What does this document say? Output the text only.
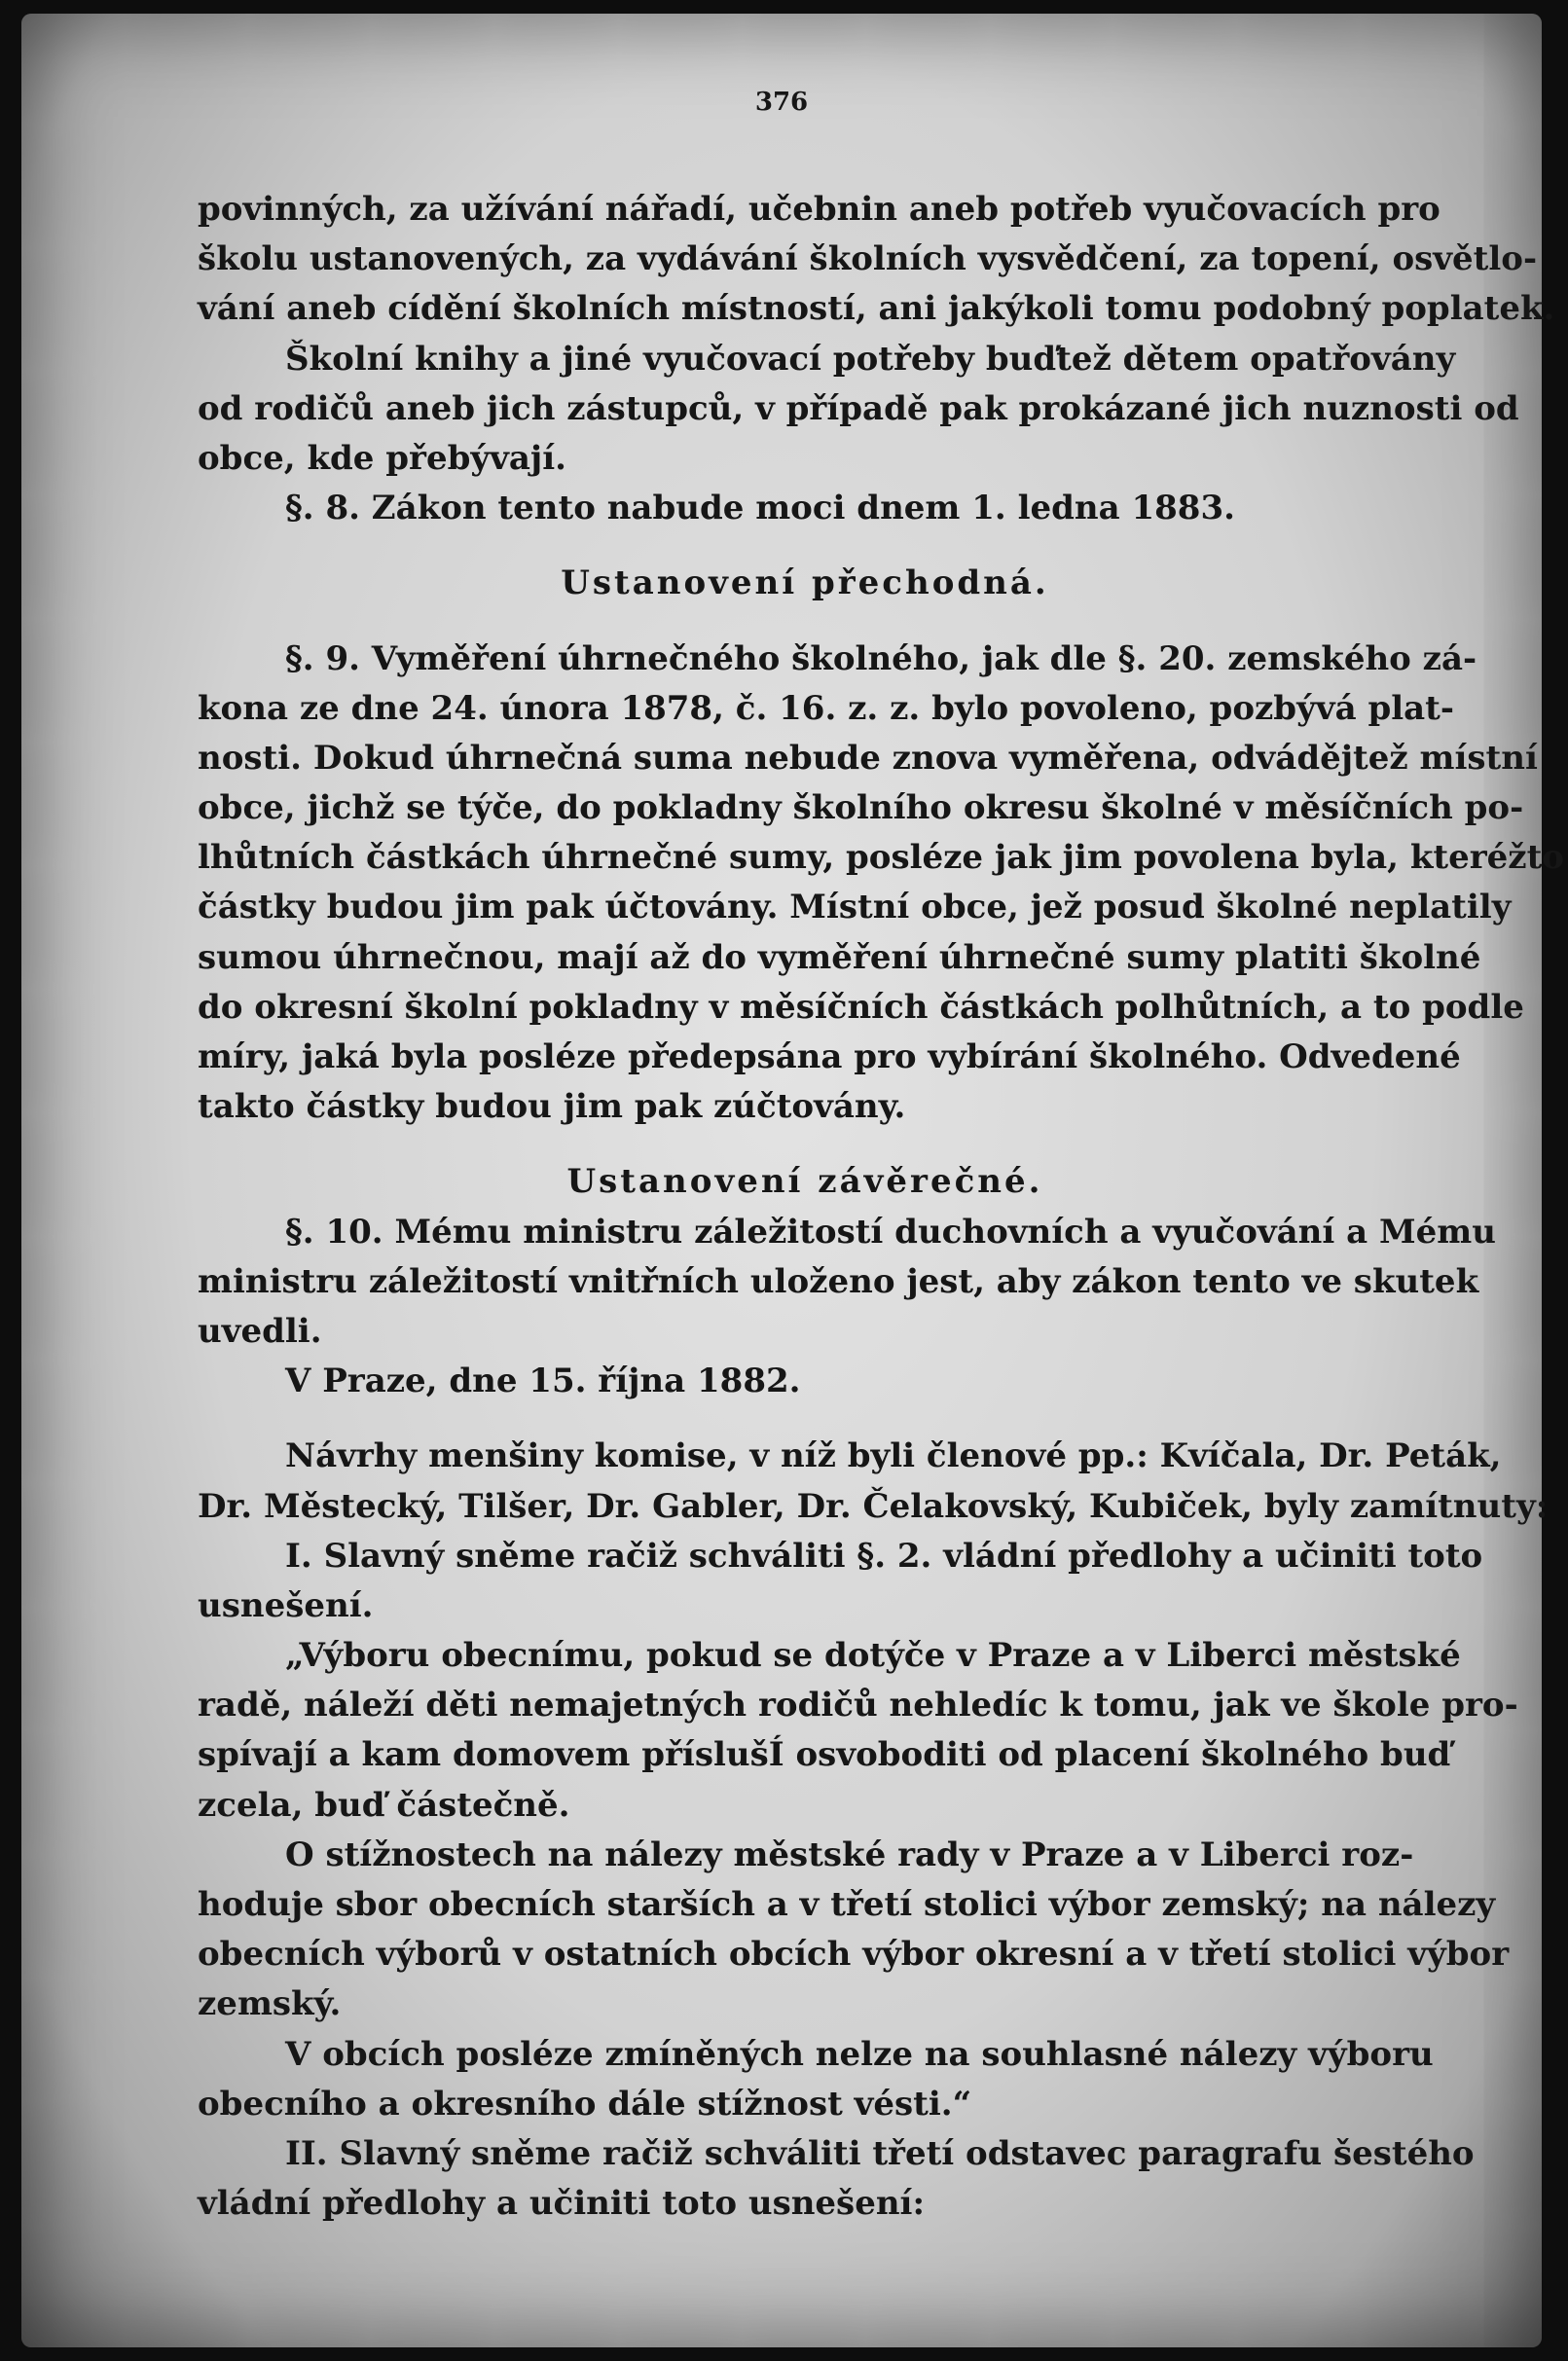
376
povinných, za užívání nářadí, učebnin aneb potřeb vyučovacích pro
školu ustanovených, za vydávání školních vysvědčení, za topení, osvětlo-
vání aneb cídění školních místností, ani jakýkoli tomu podobný poplatek.
Školní knihy a jiné vyučovací potřeby buďtež dětem opatřovány
od rodičů aneb jich zástupců, v případě pak prokázané jich nuznosti od
obce, kde přebývají.
§. 8. Zákon tento nabude moci dnem 1. ledna 1883.
Ustanovení přechodná.
§. 9. Vyměření úhrnečného školného, jak dle §. 20. zemského zá-
kona ze dne 24. února 1878, č. 16. z. z. bylo povoleno, pozbývá plat-
nosti. Dokud úhrnečná suma nebude znova vyměřena, odvádějtež místní
obce, jichž se týče, do pokladny školního okresu školné v měsíčních po-
lhůtních částkách úhrnečné sumy, posléze jak jim povolena byla, kteréžto
částky budou jim pak účtovány. Místní obce, jež posud školné neplatily
sumou úhrnečnou, mají až do vyměření úhrnečné sumy platiti školné
do okresní školní pokladny v měsíčních částkách polhůtních, a to podle
míry, jaká byla posléze předepsána pro vybírání školného. Odvedené
takto částky budou jim pak zúčtovány.
Ustanovení závěrečné.
§. 10. Mému ministru záležitostí duchovních a vyučování a Mému
ministru záležitostí vnitřních uloženo jest, aby zákon tento ve skutek
uvedli.
V Praze, dne 15. října 1882.
Návrhy menšiny komise, v níž byli členové pp.: Kvíčala, Dr. Peták,
Dr. Městecký, Tilšer, Dr. Gabler, Dr. Čelakovský, Kubiček, byly zamítnuty:
I. Slavný sněme račiž schváliti §. 2. vládní předlohy a učiniti toto
usnešení.
„Výboru obecnímu, pokud se dotýče v Praze a v Liberci městské
radě, náleží děti nemajetných rodičů nehledíc k tomu, jak ve škole pro-
spívají a kam domovem příslušÍ osvoboditi od placení školného buď
zcela, buď částečně.
O stížnostech na nálezy městské rady v Praze a v Liberci roz-
hoduje sbor obecních starších a v třetí stolici výbor zemský; na nálezy
obecních výborů v ostatních obcích výbor okresní a v třetí stolici výbor
zemský.
V obcích posléze zmíněných nelze na souhlasné nálezy výboru
obecního a okresního dále stížnost vésti.“
II. Slavný sněme račiž schváliti třetí odstavec paragrafu šestého
vládní předlohy a učiniti toto usnešení:
